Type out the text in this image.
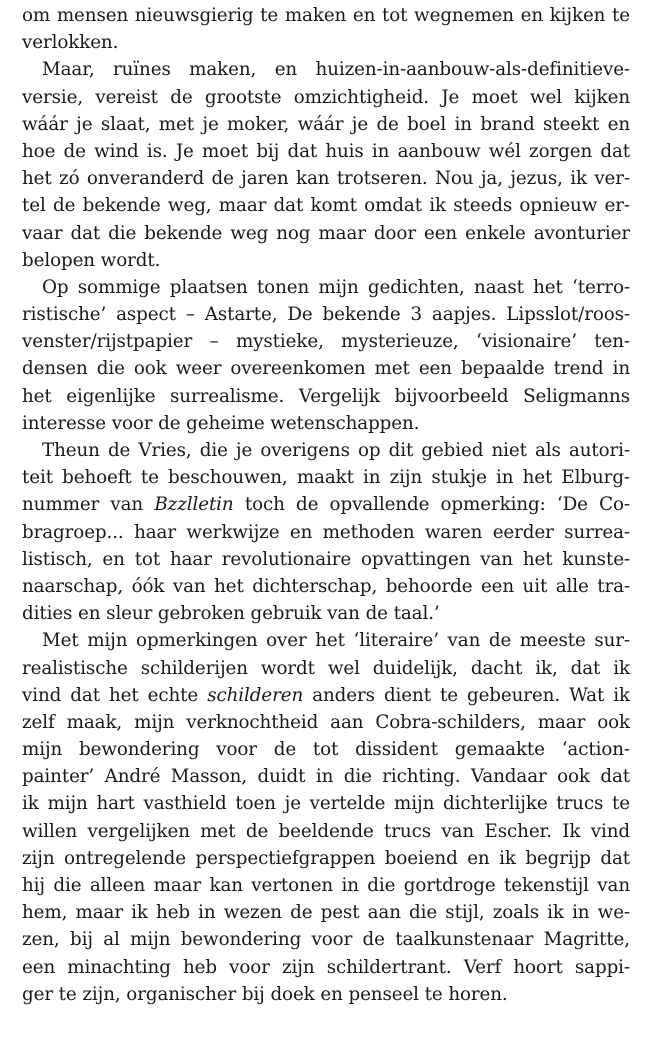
om mensen nieuwsgierig te maken en tot wegnemen en kijken te
verlokken.
Maar, ruïnes maken, en huizen-in-aanbouw-als-definitieve-
versie, vereist de grootste omzichtigheid. Je moet wel kijken
wáár je slaat, met je moker, wáár je de boel in brand steekt en
hoe de wind is. Je moet bij dat huis in aanbouw wél zorgen dat
het zó onveranderd de jaren kan trotseren. Nou ja, jezus, ik ver-
tel de bekende weg, maar dat komt omdat ik steeds opnieuw er-
vaar dat die bekende weg nog maar door een enkele avonturier
belopen wordt.
Op sommige plaatsen tonen mijn gedichten, naast het ‘terro-
ristische’ aspect – Astarte, De bekende 3 aapjes. Lipsslot/roos-
venster/rijstpapier – mystieke, mysterieuze, ‘visionaire’ ten-
densen die ook weer overeenkomen met een bepaalde trend in
het eigenlijke surrealisme. Vergelijk bijvoorbeeld Seligmanns
interesse voor de geheime wetenschappen.
Theun de Vries, die je overigens op dit gebied niet als autori-
teit behoeft te beschouwen, maakt in zijn stukje in het Elburg-
nummer van Bzzlletin toch de opvallende opmerking: ‘De Co-
bragroep... haar werkwijze en methoden waren eerder surrea-
listisch, en tot haar revolutionaire opvattingen van het kunste-
naarschap, óók van het dichterschap, behoorde een uit alle tra-
dities en sleur gebroken gebruik van de taal.’
Met mijn opmerkingen over het ‘literaire’ van de meeste sur-
realistische schilderijen wordt wel duidelijk, dacht ik, dat ik
vind dat het echte schilderen anders dient te gebeuren. Wat ik
zelf maak, mijn verknochtheid aan Cobra-schilders, maar ook
mijn bewondering voor de tot dissident gemaakte ‘action-
painter’ André Masson, duidt in die richting. Vandaar ook dat
ik mijn hart vasthield toen je vertelde mijn dichterlijke trucs te
willen vergelijken met de beeldende trucs van Escher. Ik vind
zijn ontregelende perspectiefgrappen boeiend en ik begrijp dat
hij die alleen maar kan vertonen in die gortdroge tekenstijl van
hem, maar ik heb in wezen de pest aan die stijl, zoals ik in we-
zen, bij al mijn bewondering voor de taalkunstenaar Magritte,
een minachting heb voor zijn schildertrant. Verf hoort sappi-
ger te zijn, organischer bij doek en penseel te horen.
